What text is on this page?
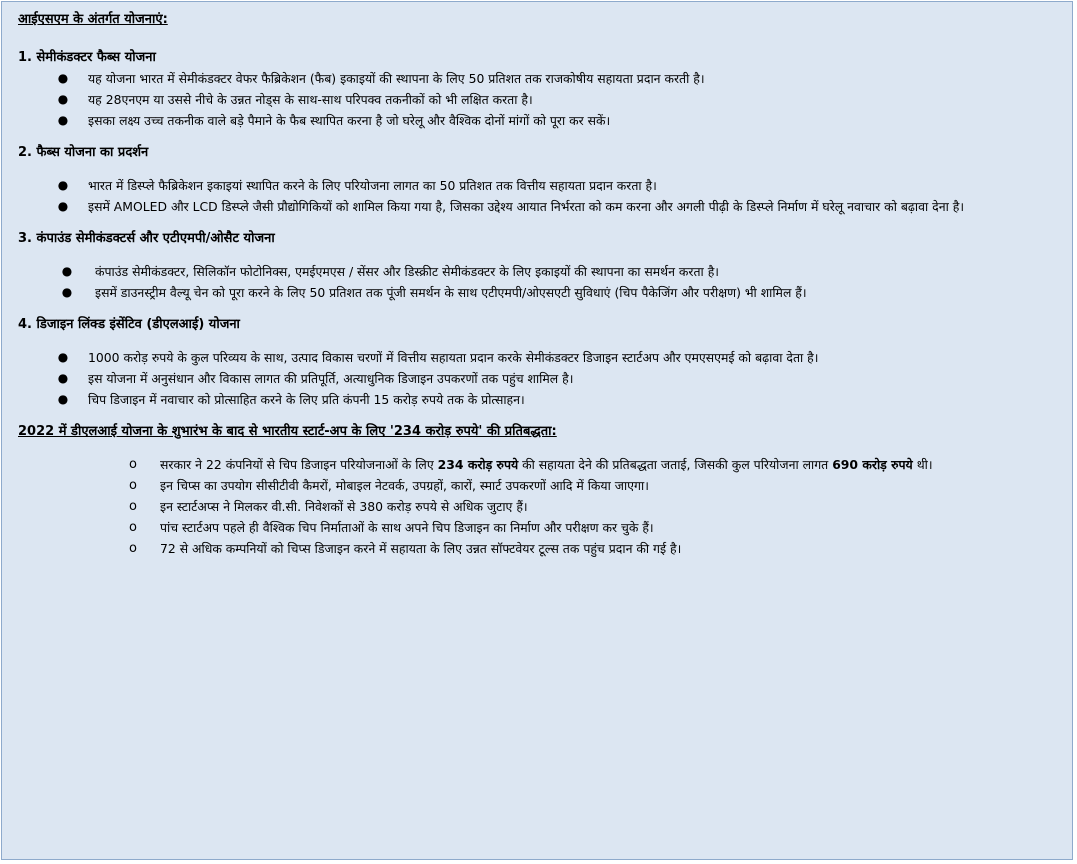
आईएसएम के अंतर्गत योजनाएं:
1. सेमीकंडक्टर फैब्स योजना
● यह योजना भारत में सेमीकंडक्टर वेफर फैब्रिकेशन (फैब) इकाइयों की स्थापना के लिए 50 प्रतिशत तक राजकोषीय सहायता प्रदान करती है।
● यह 28एनएम या उससे नीचे के उन्नत नोड्स के साथ-साथ परिपक्व तकनीकों को भी लक्षित करता है।
● इसका लक्ष्य उच्च तकनीक वाले बड़े पैमाने के फैब स्थापित करना है जो घरेलू और वैश्विक दोनों मांगों को पूरा कर सकें।
2. फैब्स योजना का प्रदर्शन
● भारत में डिस्प्ले फैब्रिकेशन इकाइयां स्थापित करने के लिए परियोजना लागत का 50 प्रतिशत तक वित्तीय सहायता प्रदान करता है।
● इसमें AMOLED और LCD डिस्प्ले जैसी प्रौद्योगिकियों को शामिल किया गया है, जिसका उद्देश्य आयात निर्भरता को कम करना और अगली पीढ़ी के डिस्प्ले निर्माण में घरेलू नवाचार को बढ़ावा देना है।
3. कंपाउंड सेमीकंडक्टर्स और एटीएमपी/ओसैट योजना
● कंपाउंड सेमीकंडक्टर, सिलिकॉन फोटोनिक्स, एमईएमएस / सेंसर और डिस्क्रीट सेमीकंडक्टर के लिए इकाइयों की स्थापना का समर्थन करता है।
● इसमें डाउनस्ट्रीम वैल्यू चेन को पूरा करने के लिए 50 प्रतिशत तक पूंजी समर्थन के साथ एटीएमपी/ओएसएटी सुविधाएं (चिप पैकेजिंग और परीक्षण) भी शामिल हैं।
4. डिजाइन लिंक्ड इंसेंटिव (डीएलआई) योजना
● 1000 करोड़ रुपये के कुल परिव्यय के साथ, उत्पाद विकास चरणों में वित्तीय सहायता प्रदान करके सेमीकंडक्टर डिजाइन स्टार्टअप और एमएसएमई को बढ़ावा देता है।
● इस योजना में अनुसंधान और विकास लागत की प्रतिपूर्ति, अत्याधुनिक डिजाइन उपकरणों तक पहुंच शामिल है।
● चिप डिजाइन में नवाचार को प्रोत्साहित करने के लिए प्रति कंपनी 15 करोड़ रुपये तक के प्रोत्साहन।
2022 में डीएलआई योजना के शुभारंभ के बाद से भारतीय स्टार्ट-अप के लिए '234 करोड़ रुपये' की प्रतिबद्धता:
o सरकार ने 22 कंपनियों से चिप डिजाइन परियोजनाओं के लिए 234 करोड़ रुपये की सहायता देने की प्रतिबद्धता जताई, जिसकी कुल परियोजना लागत 690 करोड़ रुपये थी।
o इन चिप्स का उपयोग सीसीटीवी कैमरों, मोबाइल नेटवर्क, उपग्रहों, कारों, स्मार्ट उपकरणों आदि में किया जाएगा।
o इन स्टार्टअप्स ने मिलकर वी.सी. निवेशकों से 380 करोड़ रुपये से अधिक जुटाए हैं।
o पांच स्टार्टअप पहले ही वैश्विक चिप निर्माताओं के साथ अपने चिप डिजाइन का निर्माण और परीक्षण कर चुके हैं।
o 72 से अधिक कम्पनियों को चिप्स डिजाइन करने में सहायता के लिए उन्नत सॉफ्टवेयर टूल्स तक पहुंच प्रदान की गई है।
